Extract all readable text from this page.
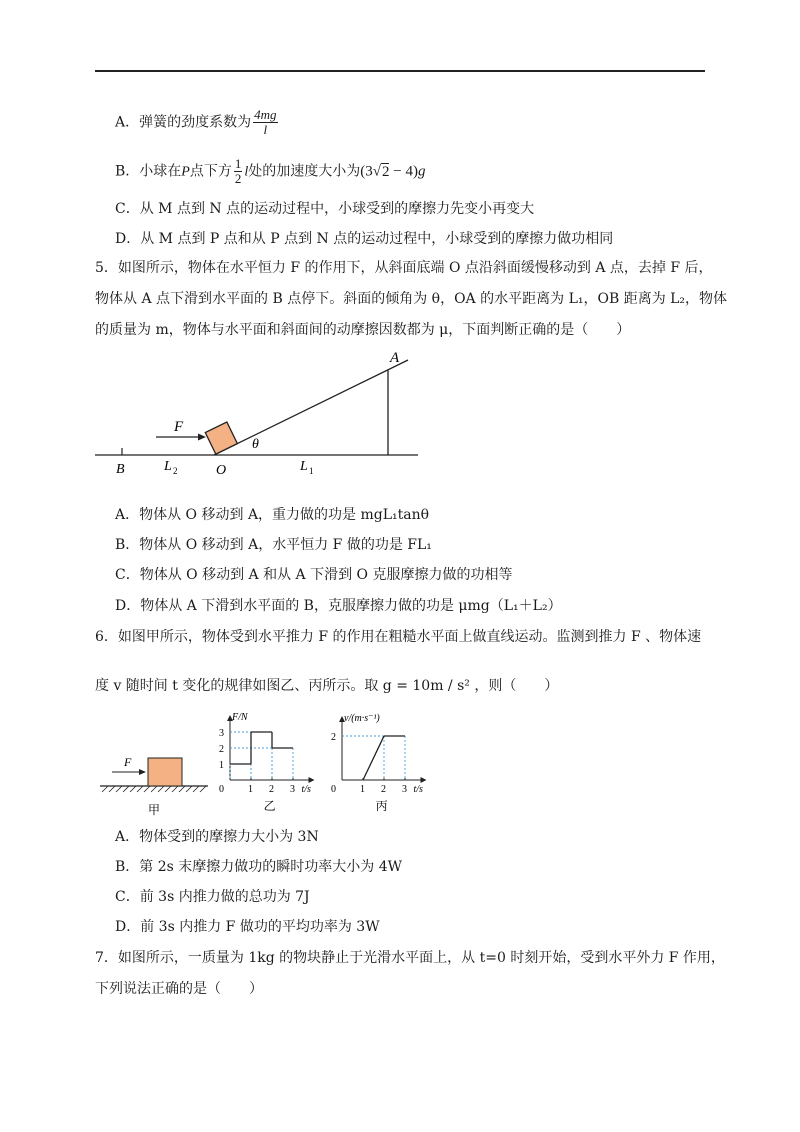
A．弹簧的劲度系数为 $\frac{4mg}{l}$
B．小球在P点下方 $\frac{1}{2}$ l处的加速度大小为(3√2 − 4)g
C．从 M 点到 N 点的运动过程中，小球受到的摩擦力先变小再变大
D．从 M 点到 P 点和从 P 点到 N 点的运动过程中，小球受到的摩擦力做功相同
5．如图所示，物体在水平恒力 F 的作用下，从斜面底端 O 点沿斜面缓慢移动到 A 点，去掉 F 后，
物体从 A 点下滑到水平面的 B 点停下。斜面的倾角为 θ，OA 的水平距离为 L₁，OB 距离为 L₂，物体
的质量为 m，物体与水平面和斜面间的动摩擦因数都为 μ，下面判断正确的是（　　）
A
F
θ
B	L 2	O	L 1
A．物体从 O 移动到 A，重力做的功是 mgL₁tanθ
B．物体从 O 移动到 A，水平恒力 F 做的功是 FL₁
C．物体从 O 移动到 A 和从 A 下滑到 O 克服摩擦力做的功相等
D．物体从 A 下滑到水平面的 B，克服摩擦力做的功是 μmg（L₁＋L₂）
6．如图甲所示，物体受到水平推力 F 的作用在粗糙水平面上做直线运动。监测到推力 F 、物体速
度 v 随时间 t 变化的规律如图乙、丙所示。取 g = 10m / s² ，则（　　）
F
甲
0 1 2 3
1
2
3
F/N
t/s
乙
0 1 2 3
2
v/(m·s⁻¹)
t/s
丙
A．物体受到的摩擦力大小为 3N
B．第 2s 末摩擦力做功的瞬时功率大小为 4W
C．前 3s 内推力做的总功为 7J
D．前 3s 内推力 F 做功的平均功率为 3W
7．如图所示，一质量为 1kg 的物块静止于光滑水平面上，从 t=0 时刻开始，受到水平外力 F 作用，
下列说法正确的是（　　）
